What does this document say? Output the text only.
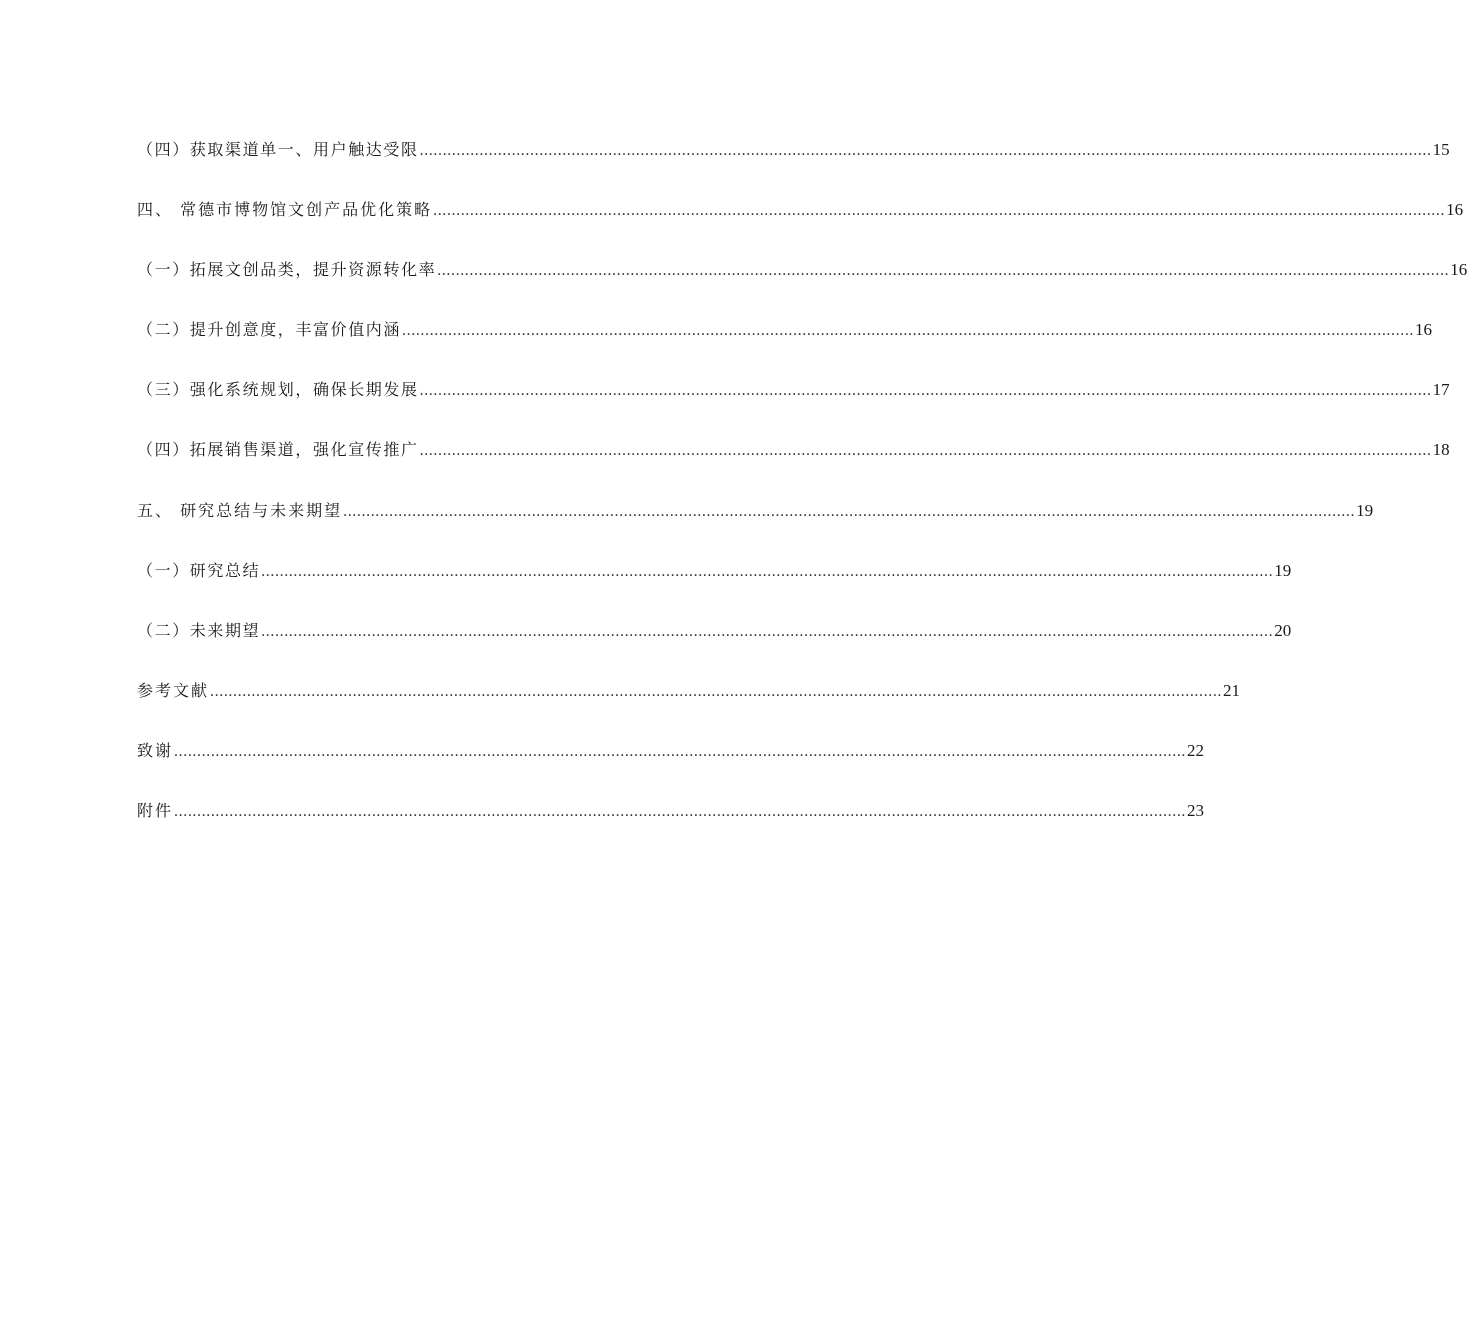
（四）获取渠道单一、用户触达受限 ............................................................................................................................................................................................................................ 15
四、 常德市博物馆文创产品优化策略 ............................................................................................................................................................................................................................ 16
（一）拓展文创品类，提升资源转化率 ............................................................................................................................................................................................................................ 16
（二）提升创意度，丰富价值内涵 ............................................................................................................................................................................................................................ 16
（三）强化系统规划，确保长期发展 ............................................................................................................................................................................................................................ 17
（四）拓展销售渠道，强化宣传推广 ............................................................................................................................................................................................................................ 18
五、 研究总结与未来期望 ............................................................................................................................................................................................................................ 19
（一）研究总结 ............................................................................................................................................................................................................................ 19
（二）未来期望 ............................................................................................................................................................................................................................ 20
参考文献 ............................................................................................................................................................................................................................ 21
致谢 ............................................................................................................................................................................................................................ 22
附件 ............................................................................................................................................................................................................................ 23
